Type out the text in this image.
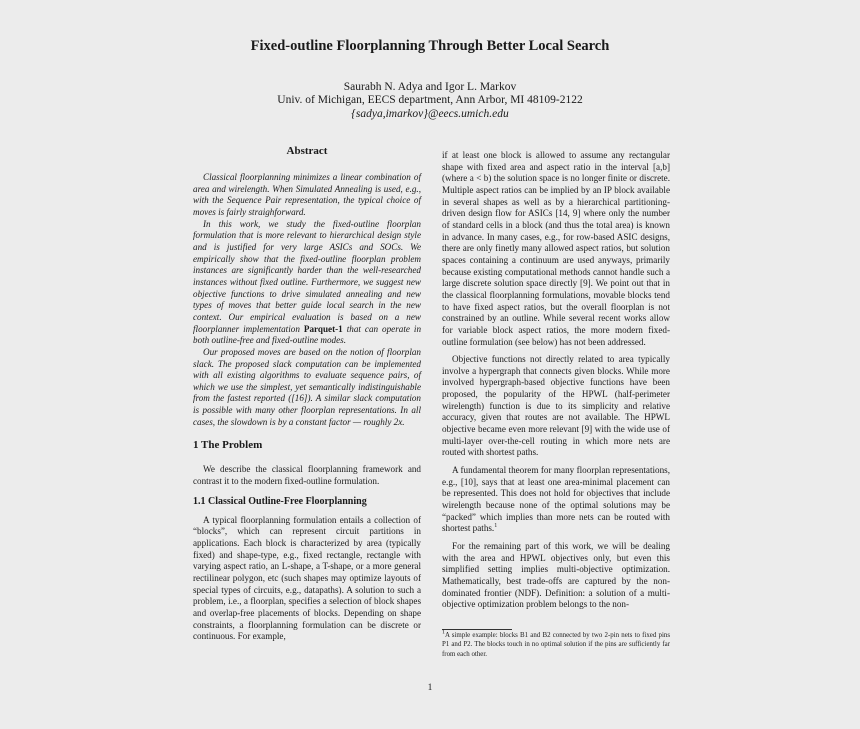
Fixed-outline Floorplanning Through Better Local Search
Saurabh N. Adya and Igor L. Markov
Univ. of Michigan, EECS department, Ann Arbor, MI 48109-2122
{sadya,imarkov}@eecs.umich.edu
Abstract

Classical floorplanning minimizes a linear combination of area and wirelength. When Simulated Annealing is used, e.g., with the Sequence Pair representation, the typical choice of moves is fairly straighforward.

In this work, we study the fixed-outline floorplan formulation that is more relevant to hierarchical design style and is justified for very large ASICs and SOCs. We empirically show that the fixed-outline floorplan problem instances are significantly harder than the well-researched instances without fixed outline. Furthermore, we suggest new objective functions to drive simulated annealing and new types of moves that better guide local search in the new context. Our empirical evaluation is based on a new floorplanner implementation Parquet-1 that can operate in both outline-free and fixed-outline modes.

Our proposed moves are based on the notion of floorplan slack. The proposed slack computation can be implemented with all existing algorithms to evaluate sequence pairs, of which we use the simplest, yet semantically indistinguishable from the fastest reported ([16]). A similar slack computation is possible with many other floorplan representations. In all cases, the slowdown is by a constant factor — roughly 2x.

1 The Problem

We describe the classical floorplanning framework and contrast it to the modern fixed-outline formulation.

1.1 Classical Outline-Free Floorplanning

A typical floorplanning formulation entails a collection of “blocks”, which can represent circuit partitions in applications. Each block is characterized by area (typically fixed) and shape-type, e.g., fixed rectangle, rectangle with varying aspect ratio, an L-shape, a T-shape, or a more general rectilinear polygon, etc (such shapes may optimize layouts of special types of circuits, e.g., datapaths). A solution to such a problem, i.e., a floorplan, specifies a selection of block shapes and overlap-free placements of blocks. Depending on shape constraints, a floorplanning formulation can be discrete or continuous. For example,

if at least one block is allowed to assume any rectangular shape with fixed area and aspect ratio in the interval [a,b] (where a < b) the solution space is no longer finite or discrete. Multiple aspect ratios can be implied by an IP block available in several shapes as well as by a hierarchical partitioning-driven design flow for ASICs [14, 9] where only the number of standard cells in a block (and thus the total area) is known in advance. In many cases, e.g., for row-based ASIC designs, there are only finetly many allowed aspect ratios, but solution spaces containing a continuum are used anyways, primarily because existing computational methods cannot handle such a large discrete solution space directly [9]. We point out that in the classical floorplanning formulations, movable blocks tend to have fixed aspect ratios, but the overall floorplan is not constrained by an outline. While several recent works allow for variable block aspect ratios, the more modern fixed-outline formulation (see below) has not been addressed.

Objective functions not directly related to area typically involve a hypergraph that connects given blocks. While more involved hypergraph-based objective functions have been proposed, the popularity of the HPWL (half-perimeter wirelength) function is due to its simplicity and relative accuracy, given that routes are not available. The HPWL objective became even more relevant [9] with the wide use of multi-layer over-the-cell routing in which more nets are routed with shortest paths.

A fundamental theorem for many floorplan representations, e.g., [10], says that at least one area-minimal placement can be represented. This does not hold for objectives that include wirelength because none of the optimal solutions may be “packed” which implies than more nets can be routed with shortest paths.$^1$

For the remaining part of this work, we will be dealing with the area and HPWL objectives only, but even this simplified setting implies multi-objective optimization. Mathematically, best trade-offs are captured by the non-dominated frontier (NDF). Definition: a solution of a multi-objective optimization problem belongs to the non-

$^1$A simple example: blocks B1 and B2 connected by two 2-pin nets to fixed pins P1 and P2. The blocks touch in no optimal solution if the pins are sufficiently far from each other.
1
